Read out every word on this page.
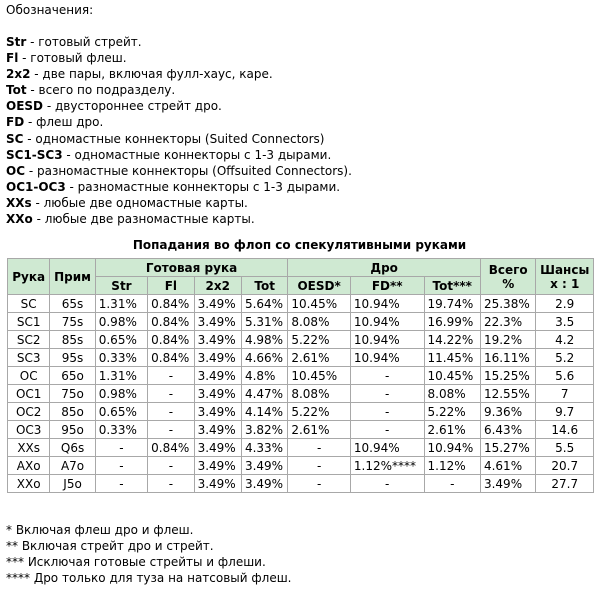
Обозначения:
Str - готовый стрейт.
Fl - готовый флеш.
2x2 - две пары, включая фулл-хаус, каре.
Tot - всего по подразделу.
OESD - двустороннее стрейт дро.
FD - флеш дро.
SC - одномастные коннекторы (Suited Connectors)
SC1-SC3 - одномастные коннекторы с 1-3 дырами.
OC - разномастные коннекторы (Offsuited Connectors).
OC1-OC3 - разномастные коннекторы с 1-3 дырами.
XXs - любые две одномастные карты.
XXo - любые две разномастные карты.
Попадания во флоп со спекулятивными руками
Рука	Прим	Готовая рука				Дро			Всего %	Шансы x : 1
		Str	Fl	2x2	Tot	OESD*	FD**	Tot***		
SC	65s	1.31%	0.84%	3.49%	5.64%	10.45%	10.94%	19.74%	25.38%	2.9
SC1	75s	0.98%	0.84%	3.49%	5.31%	8.08%	10.94%	16.99%	22.3%	3.5
SC2	85s	0.65%	0.84%	3.49%	4.98%	5.22%	10.94%	14.22%	19.2%	4.2
SC3	95s	0.33%	0.84%	3.49%	4.66%	2.61%	10.94%	11.45%	16.11%	5.2
OC	65o	1.31%	-	3.49%	4.8%	10.45%	-	10.45%	15.25%	5.6
OC1	75o	0.98%	-	3.49%	4.47%	8.08%	-	8.08%	12.55%	7
OC2	85o	0.65%	-	3.49%	4.14%	5.22%	-	5.22%	9.36%	9.7
OC3	95o	0.33%	-	3.49%	3.82%	2.61%	-	2.61%	6.43%	14.6
XXs	Q6s	-	0.84%	3.49%	4.33%	-	10.94%	10.94%	15.27%	5.5
AXo	A7o	-	-	3.49%	3.49%	-	1.12%****	1.12%	4.61%	20.7
XXo	J5o	-	-	3.49%	3.49%	-	-	-	3.49%	27.7
* Включая флеш дро и флеш.
** Включая стрейт дро и стрейт.
*** Исключая готовые стрейты и флеши.
**** Дро только для туза на натсовый флеш.
